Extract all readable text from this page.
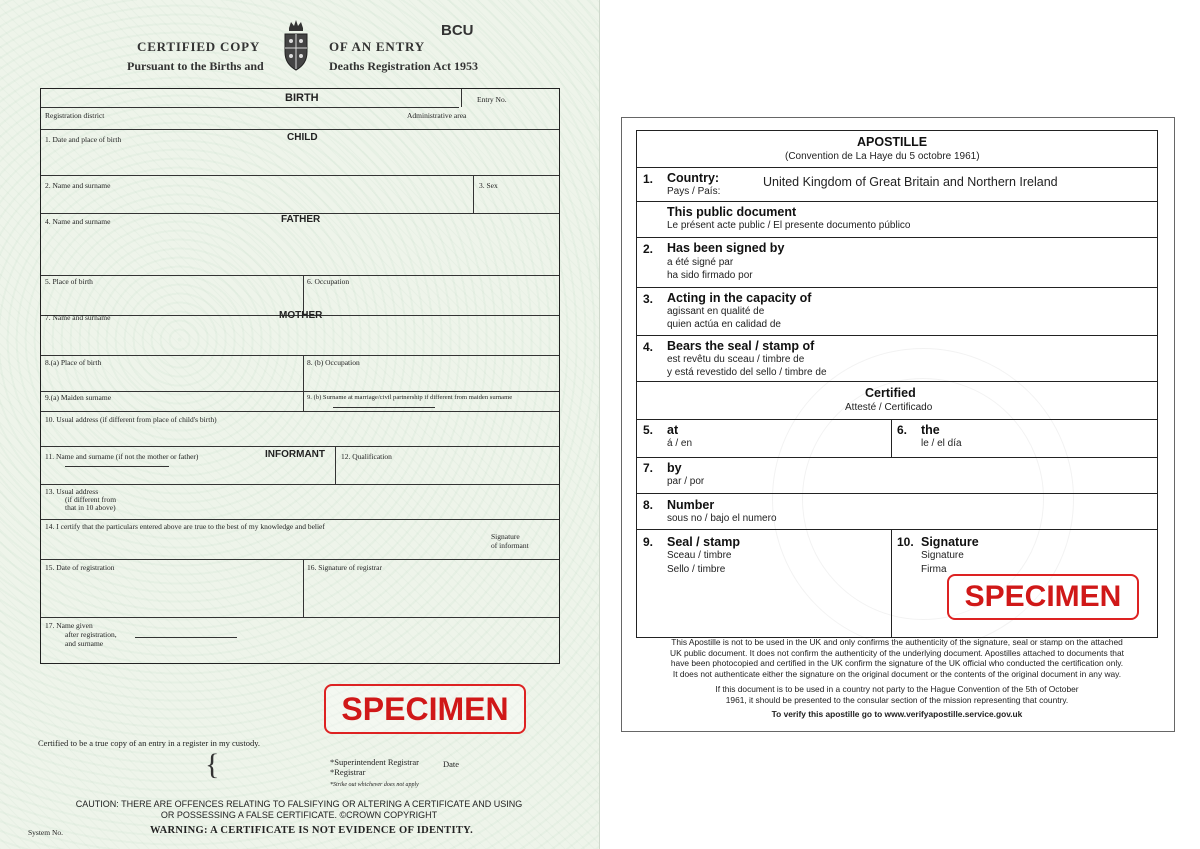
BCU
CERTIFIED COPY	OF AN ENTRY
Pursuant to the Births and	Deaths Registration Act 1953
BIRTH	Entry No.
Registration district	Administrative area
1. Date and place of birth	CHILD
2. Name and surname	3. Sex
4. Name and surname	FATHER
5. Place of birth	6. Occupation
7. Name and surname	MOTHER
8.(a) Place of birth	8. (b) Occupation
9.(a) Maiden surname	9. (b) Surname at marriage/civil partnership if different from maiden surname
10. Usual address (if different from place of child's birth)
11. Name and surname (if not the mother or father)	INFORMANT 12. Qualification
13. Usual address
(if different from
that in 10 above)
14. I certify that the particulars entered above are true to the best of my knowledge and belief
Signature
of informant
15. Date of registration	16. Signature of registrar
17. Name given
after registration,
and surname
SPECIMEN
Certified to be a true copy of an entry in a register in my custody.
{	*Superintendent Registrar
*Registrar
Date
*Strike out whichever does not apply
CAUTION: THERE ARE OFFENCES RELATING TO FALSIFYING OR ALTERING A CERTIFICATE AND USING
OR POSSESSING A FALSE CERTIFICATE. ©CROWN COPYRIGHT
System No.	WARNING: A CERTIFICATE IS NOT EVIDENCE OF IDENTITY.
APOSTILLE
(Convention de La Haye du 5 octobre 1961)
1. Country:
Pays / País:
United Kingdom of Great Britain and Northern Ireland
This public document
Le présent acte public / El presente documento público
2. Has been signed by
a été signé par
ha sido firmado por
3. Acting in the capacity of
agissant en qualité de
quien actúa en calidad de
4. Bears the seal / stamp of
est revêtu du sceau / timbre de
y está revestido del sello / timbre de
Certified
Attesté / Certificado
5. at
á / en
6. the
le / el día
7. by
par / por
8. Number
sous no / bajo el numero
9. Seal / stamp
Sceau / timbre
Sello / timbre
10. Signature
Signature
Firma
SPECIMEN
This Apostille is not to be used in the UK and only confirms the authenticity of the signature, seal or stamp on the attached
UK public document. It does not confirm the authenticity of the underlying document. Apostilles attached to documents that
have been photocopied and certified in the UK confirm the signature of the UK official who conducted the certification only.
It does not authenticate either the signature on the original document or the contents of the original document in any way.
If this document is to be used in a country not party to the Hague Convention of the 5th of October
1961, it should be presented to the consular section of the mission representing that country.
To verify this apostille go to www.verifyapostille.service.gov.uk
